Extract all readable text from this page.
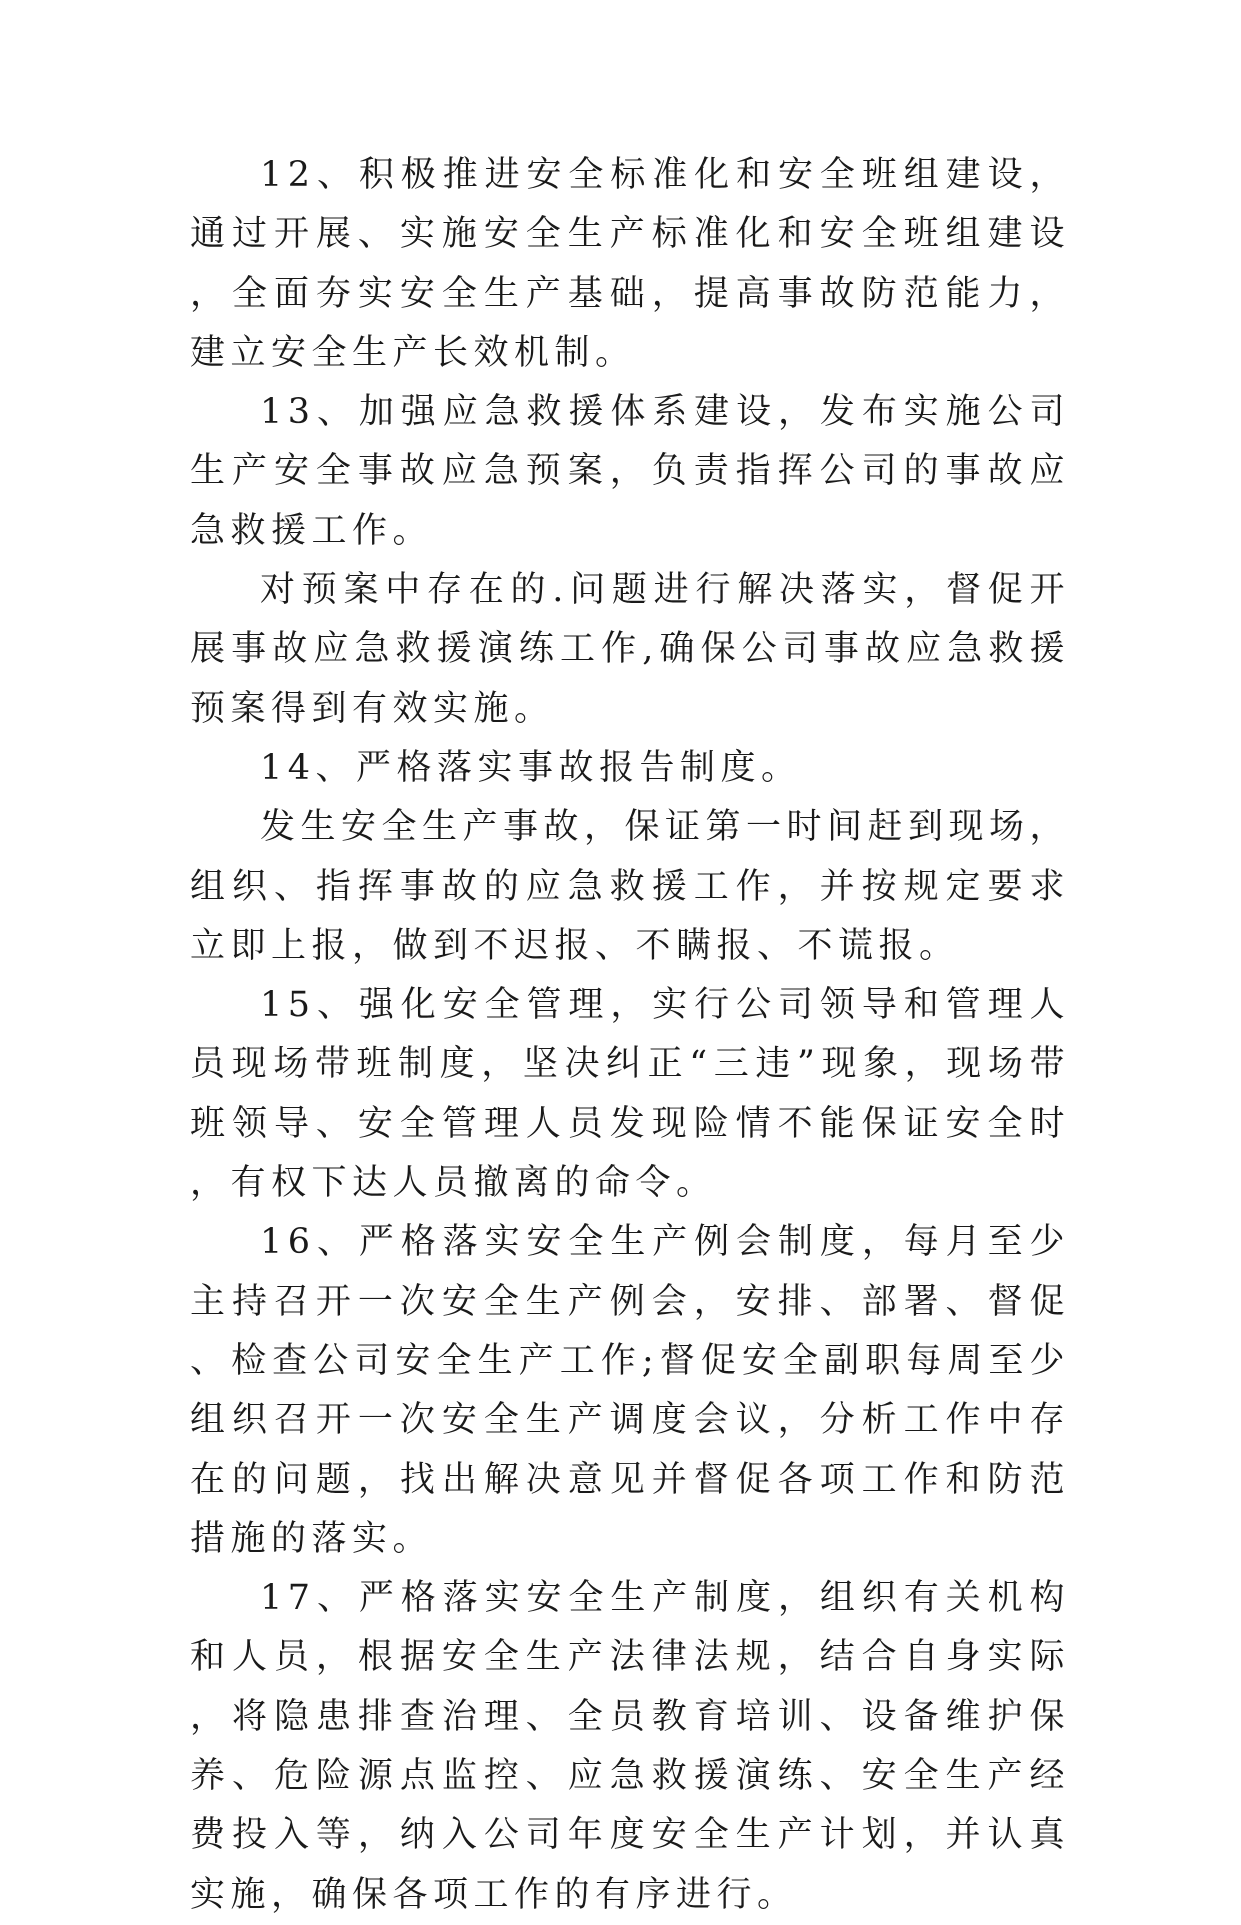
12、积极推进安全标准化和安全班组建设，通过开展、实施安全生产标准化和安全班组建设，全面夯实安全生产基础，提高事故防范能力，建立安全生产长效机制。

13、加强应急救援体系建设，发布实施公司生产安全事故应急预案，负责指挥公司的事故应急救援工作。

对预案中存在的.问题进行解决落实，督促开展事故应急救援演练工作,确保公司事故应急救援预案得到有效实施。

14、严格落实事故报告制度。

发生安全生产事故，保证第一时间赶到现场，组织、指挥事故的应急救援工作，并按规定要求立即上报，做到不迟报、不瞒报、不谎报。

15、强化安全管理，实行公司领导和管理人员现场带班制度，坚决纠正“三违”现象，现场带班领导、安全管理人员发现险情不能保证安全时，有权下达人员撤离的命令。

16、严格落实安全生产例会制度，每月至少主持召开一次安全生产例会，安排、部署、督促、检查公司安全生产工作;督促安全副职每周至少组织召开一次安全生产调度会议，分析工作中存在的问题，找出解决意见并督促各项工作和防范措施的落实。

17、严格落实安全生产制度，组织有关机构和人员，根据安全生产法律法规，结合自身实际，将隐患排查治理、全员教育培训、设备维护保养、危险源点监控、应急救援演练、安全生产经费投入等，纳入公司年度安全生产计划，并认真实施，确保各项工作的有序进行。
